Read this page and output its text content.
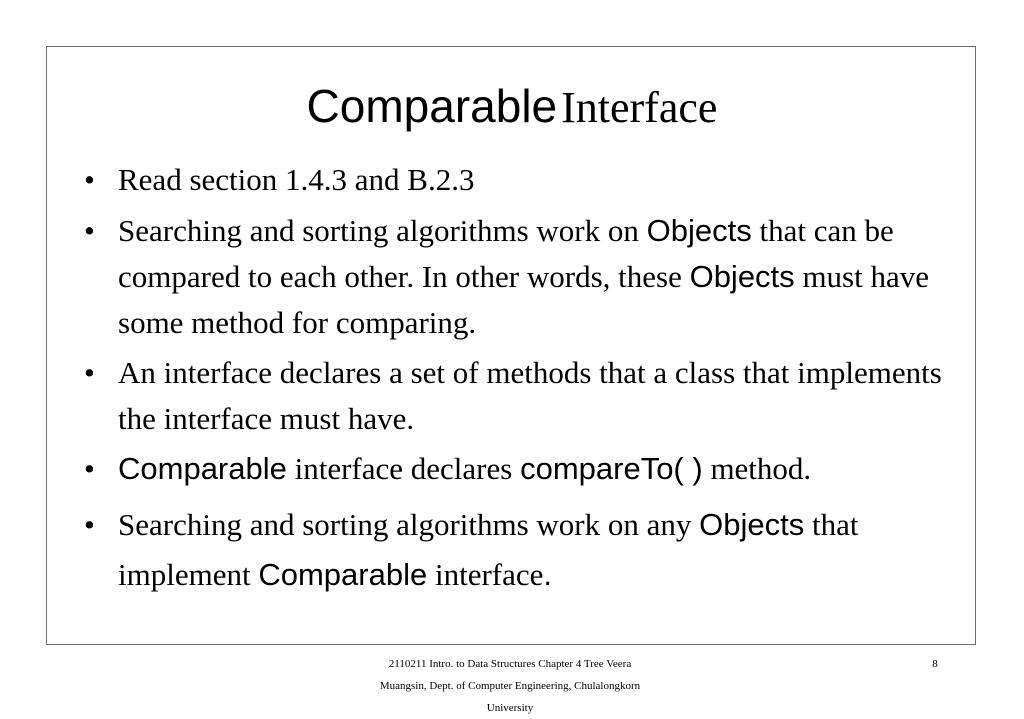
Comparable Interface
• Read section 1.4.3 and B.2.3
• Searching and sorting algorithms work on Objects that can be compared to each other. In other words, these Objects must have some method for comparing.
• An interface declares a set of methods that a class that implements the interface must have.
• Comparable interface declares compareTo( ) method.
• Searching and sorting algorithms work on any Objects that implement Comparable interface.
2110211 Intro. to Data Structures Chapter 4 Tree Veera
Muangsin, Dept. of Computer Engineering, Chulalongkorn
University
8
